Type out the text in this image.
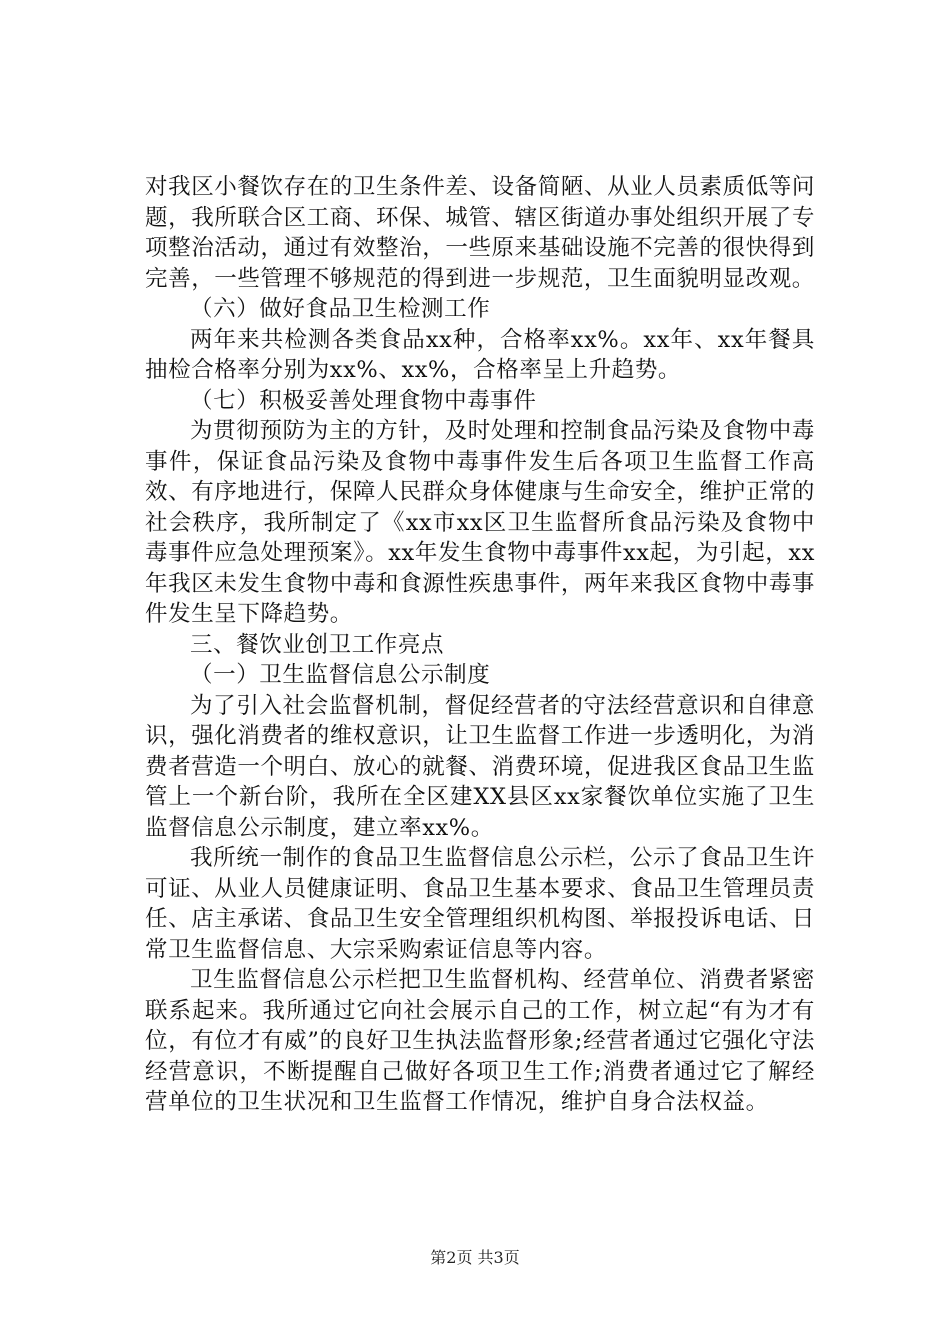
对我区小餐饮存在的卫生条件差、设备简陋、从业人员素质低等问题，我所联合区工商、环保、城管、辖区街道办事处组织开展了专项整治活动，通过有效整治，一些原来基础设施不完善的很快得到完善，一些管理不够规范的得到进一步规范，卫生面貌明显改观。

（六）做好食品卫生检测工作

两年来共检测各类食品xx种，合格率xx%。xx年、xx年餐具抽检合格率分别为xx%、xx%，合格率呈上升趋势。

（七）积极妥善处理食物中毒事件

为贯彻预防为主的方针，及时处理和控制食品污染及食物中毒事件，保证食品污染及食物中毒事件发生后各项卫生监督工作高效、有序地进行，保障人民群众身体健康与生命安全，维护正常的社会秩序，我所制定了《xx市xx区卫生监督所食品污染及食物中毒事件应急处理预案》。xx年发生食物中毒事件xx起，为引起，xx年我区未发生食物中毒和食源性疾患事件，两年来我区食物中毒事件发生呈下降趋势。

三、餐饮业创卫工作亮点

（一）卫生监督信息公示制度

为了引入社会监督机制，督促经营者的守法经营意识和自律意识，强化消费者的维权意识，让卫生监督工作进一步透明化，为消费者营造一个明白、放心的就餐、消费环境，促进我区食品卫生监管上一个新台阶，我所在全区建XX县区xx家餐饮单位实施了卫生监督信息公示制度，建立率xx%。

我所统一制作的食品卫生监督信息公示栏，公示了食品卫生许可证、从业人员健康证明、食品卫生基本要求、食品卫生管理员责任、店主承诺、食品卫生安全管理组织机构图、举报投诉电话、日常卫生监督信息、大宗采购索证信息等内容。

卫生监督信息公示栏把卫生监督机构、经营单位、消费者紧密联系起来。我所通过它向社会展示自己的工作，树立起“有为才有位，有位才有威”的良好卫生执法监督形象;经营者通过它强化守法经营意识，不断提醒自己做好各项卫生工作;消费者通过它了解经营单位的卫生状况和卫生监督工作情况，维护自身合法权益。

第2页 共3页
